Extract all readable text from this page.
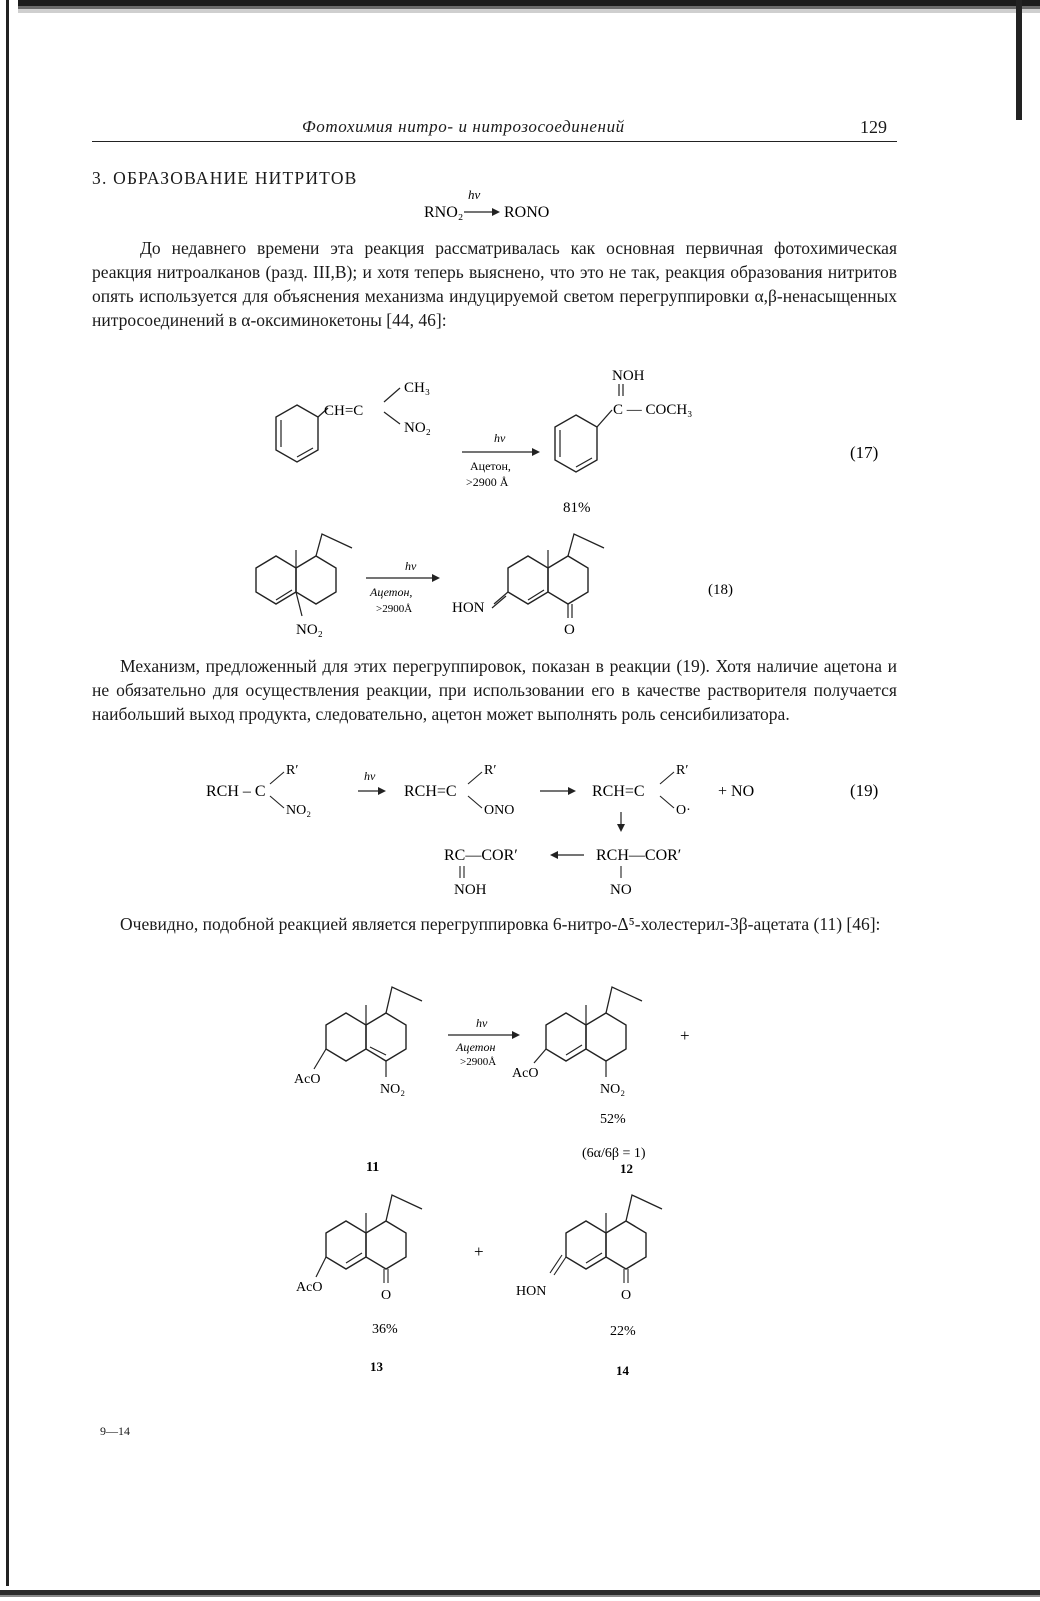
Фотохимия нитро- и нитрозосоединений	129
3. ОБРАЗОВАНИЕ НИТРИТОВ
hν
RNO₂	RONO
До недавнего времени эта реакция рассматривалась как основная первичная фотохимическая реакция нитроалканов (разд. III,В); и хотя теперь выяснено, что это не так, реакция образования нитритов опять используется для объяснения механизма индуцируемой светом перегруппировки α,β-ненасыщенных нитросоединений в α-оксиминокетоны [44, 46]:
CH=C
CH₃
NO₂
hν
Ацетон,
>2900 Å
NOH
C — COCH₃
81%
(17)
NO₂
hν
Ацетон,
>2900Å	HON
O
(18)
Механизм, предложенный для этих перегруппировок, показан в реакции (19). Хотя наличие ацетона и не обязательно для осуществления реакции, при использовании его в качестве растворителя получается наибольший выход продукта, следовательно, ацетон может выполнять роль сенсибилизатора.
RCH – C
R′
NO₂
hν
RCH=C
R′
ONO
RCH=C
R′
O·
+ NO	(19)
RC—COR′
NOH
RCH—COR′
NO
Очевидно, подобной реакцией является перегруппировка 6-нитро-Δ⁵-холестерил-3β-ацетата (11) [46]:
AcO
NO₂
11
hν
Ацетон
>2900Å
AcO
NO₂
+
52%
(6α/6β = 1)
12
AcO
O
36%
13
+
HON	O
22%
14
9—14
